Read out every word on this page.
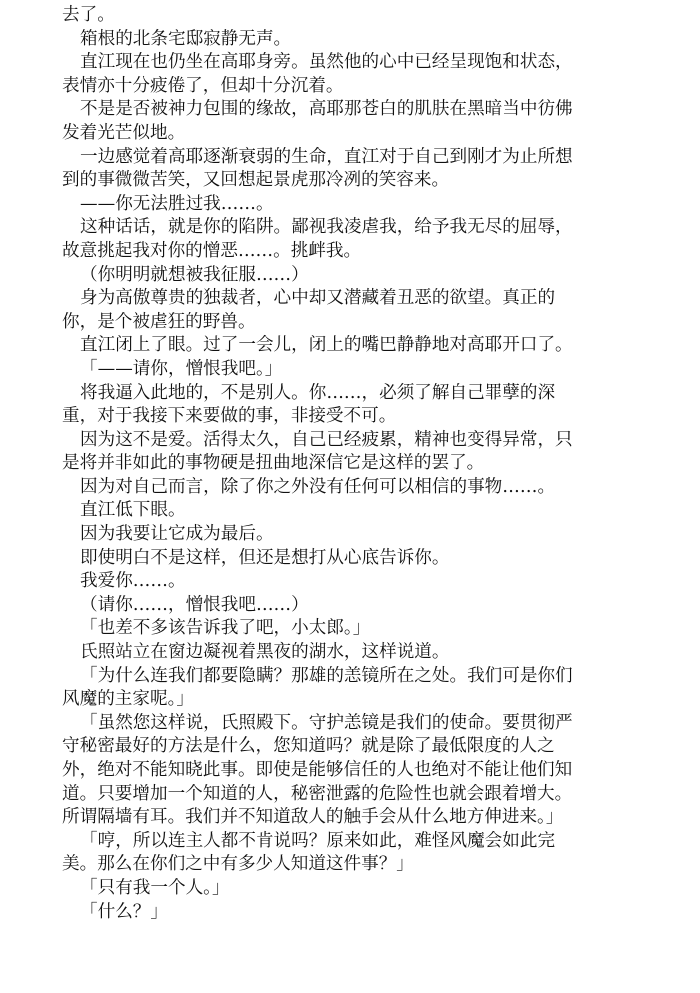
去了。

箱根的北条宅邸寂静无声。

直江现在也仍坐在高耶身旁。虽然他的心中已经呈现饱和状态，

表情亦十分疲倦了，但却十分沉着。

不是是否被神力包围的缘故，高耶那苍白的肌肤在黑暗当中彷佛

发着光芒似地。

一边感觉着高耶逐渐衰弱的生命，直江对于自己到刚才为止所想

到的事微微苦笑，又回想起景虎那冷冽的笑容来。

——你无法胜过我……。

这种话话，就是你的陷阱。鄙视我凌虐我，给予我无尽的屈辱，

故意挑起我对你的憎恶……。挑衅我。

（你明明就想被我征服……）

身为高傲尊贵的独裁者，心中却又潜藏着丑恶的欲望。真正的

你，是个被虐狂的野兽。

直江闭上了眼。过了一会儿，闭上的嘴巴静静地对高耶开口了。

「——请你，憎恨我吧。」

将我逼入此地的，不是别人。你……，必须了解自己罪孽的深

重，对于我接下来要做的事，非接受不可。

因为这不是爱。活得太久，自己已经疲累，精神也变得异常，只

是将并非如此的事物硬是扭曲地深信它是这样的罢了。

因为对自己而言，除了你之外没有任何可以相信的事物……。

直江低下眼。

因为我要让它成为最后。

即使明白不是这样，但还是想打从心底告诉你。

我爱你……。

（请你……，憎恨我吧……）

「也差不多该告诉我了吧，小太郎。」

氏照站立在窗边凝视着黑夜的湖水，这样说道。

「为什么连我们都要隐瞒？那雄的恙镜所在之处。我们可是你们

风魔的主家呢。」

「虽然您这样说，氏照殿下。守护恙镜是我们的使命。要贯彻严

守秘密最好的方法是什么，您知道吗？就是除了最低限度的人之

外，绝对不能知晓此事。即使是能够信任的人也绝对不能让他们知

道。只要增加一个知道的人，秘密泄露的危险性也就会跟着增大。

所谓隔墙有耳。我们并不知道敌人的触手会从什么地方伸进来。」

「哼，所以连主人都不肯说吗？原来如此，难怪风魔会如此完

美。那么在你们之中有多少人知道这件事？」

「只有我一个人。」

「什么？」
